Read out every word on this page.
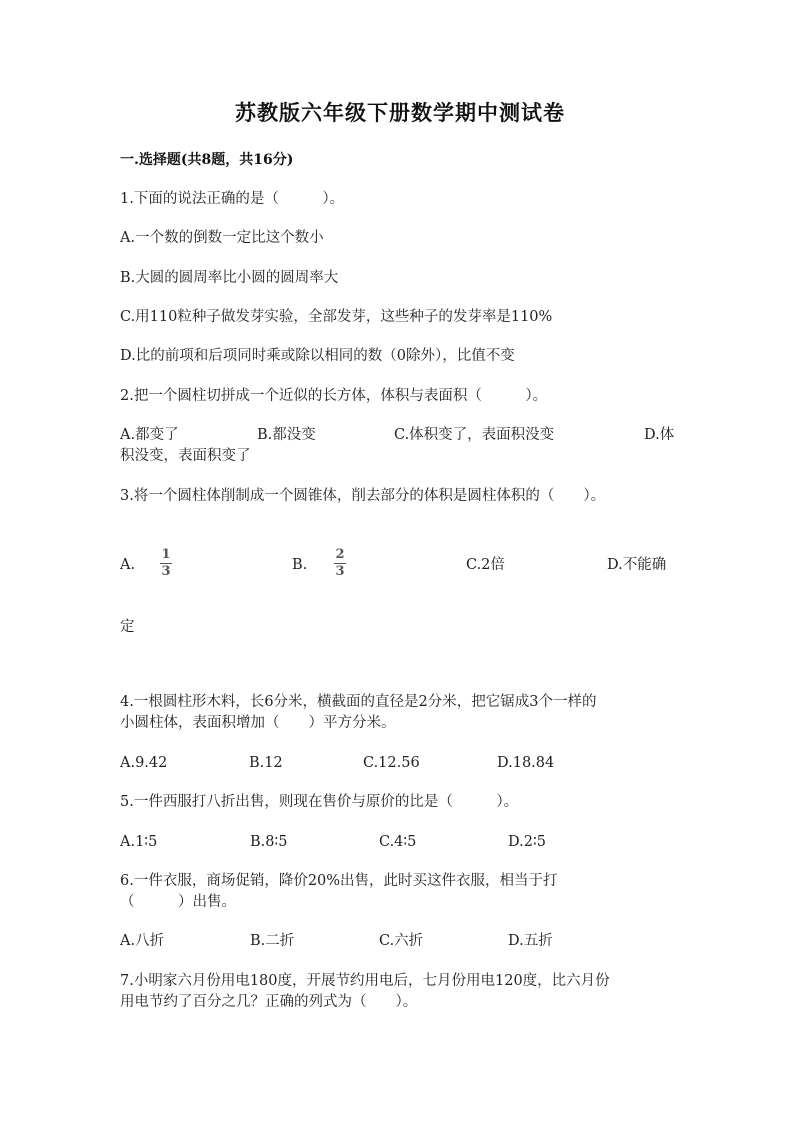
苏教版六年级下册数学期中测试卷
一.选择题(共8题，共16分)
1.下面的说法正确的是（　　　）。
A.一个数的倒数一定比这个数小
B.大圆的圆周率比小圆的圆周率大
C.用110粒种子做发芽实验，全部发芽，这些种子的发芽率是110%
D.比的前项和后项同时乘或除以相同的数（0除外），比值不变
2.把一个圆柱切拼成一个近似的长方体，体积与表面积（　　　）。
A.都变了	B.都没变	C.体积变了，表面积没变	D.体
积没变，表面积变了
3.将一个圆柱体削制成一个圆锥体，削去部分的体积是圆柱体积的（　　）。
A.
1
3	B.
2
3	C.2倍	D.不能确
定
4.一根圆柱形木料，长6分米，横截面的直径是2分米，把它锯成3个一样的
小圆柱体，表面积增加（　　）平方分米。
A.9.42	B.12	C.12.56	D.18.84
5.一件西服打八折出售，则现在售价与原价的比是（　　　）。
A.1∶5	B.8∶5	C.4∶5	D.2∶5
6.一件衣服，商场促销，降价20%出售，此时买这件衣服，相当于打
（　　　）出售。
A.八折	B.二折	C.六折	D.五折
7.小明家六月份用电180度，开展节约用电后，七月份用电120度，比六月份
用电节约了百分之几？正确的列式为（　　）。
